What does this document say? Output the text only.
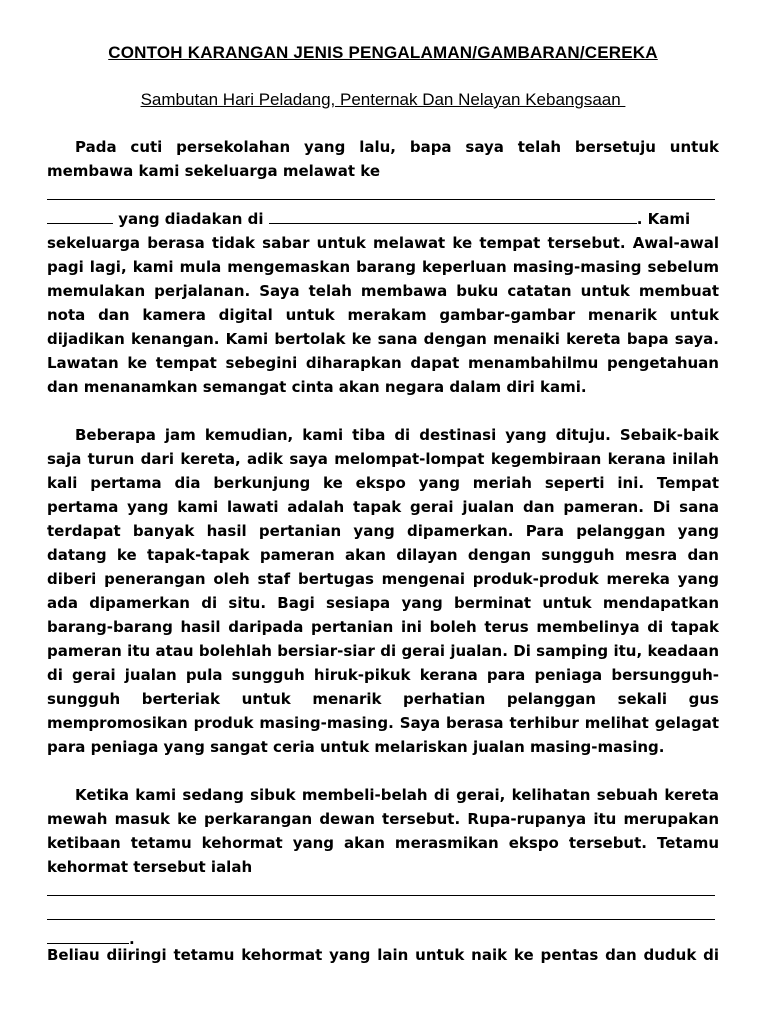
CONTOH KARANGAN JENIS PENGALAMAN/GAMBARAN/CEREKA
Sambutan Hari Peladang, Penternak Dan Nelayan Kebangsaan

Pada cuti persekolahan yang lalu, bapa saya telah bersetuju untuk

membawa kami sekeluarga melawat ke

yang diadakan di	. Kami

sekeluarga berasa tidak sabar untuk melawat ke tempat tersebut. Awal-awal

pagi lagi, kami mula mengemaskan barang keperluan masing-masing sebelum

memulakan perjalanan. Saya telah membawa buku catatan untuk membuat

nota dan kamera digital untuk merakam gambar-gambar menarik untuk

dijadikan kenangan. Kami bertolak ke sana dengan menaiki kereta bapa saya.

Lawatan ke tempat sebegini diharapkan dapat menambahilmu pengetahuan

dan menanamkan semangat cinta akan negara dalam diri kami.

Beberapa jam kemudian, kami tiba di destinasi yang dituju. Sebaik-baik

saja turun dari kereta, adik saya melompat-lompat kegembiraan kerana inilah

kali pertama dia berkunjung ke ekspo yang meriah seperti ini. Tempat

pertama yang kami lawati adalah tapak gerai jualan dan pameran. Di sana

terdapat banyak hasil pertanian yang dipamerkan. Para pelanggan yang

datang ke tapak-tapak pameran akan dilayan dengan sungguh mesra dan

diberi penerangan oleh staf bertugas mengenai produk-produk mereka yang

ada dipamerkan di situ. Bagi sesiapa yang berminat untuk mendapatkan

barang-barang hasil daripada pertanian ini boleh terus membelinya di tapak

pameran itu atau bolehlah bersiar-siar di gerai jualan. Di samping itu, keadaan

di gerai jualan pula sungguh hiruk-pikuk kerana para peniaga bersungguh-

sungguh berteriak untuk menarik perhatian pelanggan sekali gus

mempromosikan produk masing-masing. Saya berasa terhibur melihat gelagat

para peniaga yang sangat ceria untuk melariskan jualan masing-masing.

Ketika kami sedang sibuk membeli-belah di gerai, kelihatan sebuah kereta

mewah masuk ke perkarangan dewan tersebut. Rupa-rupanya itu merupakan

ketibaan tetamu kehormat yang akan merasmikan ekspo tersebut. Tetamu

kehormat tersebut ialah

.

Beliau diiringi tetamu kehormat yang lain untuk naik ke pentas dan duduk di
